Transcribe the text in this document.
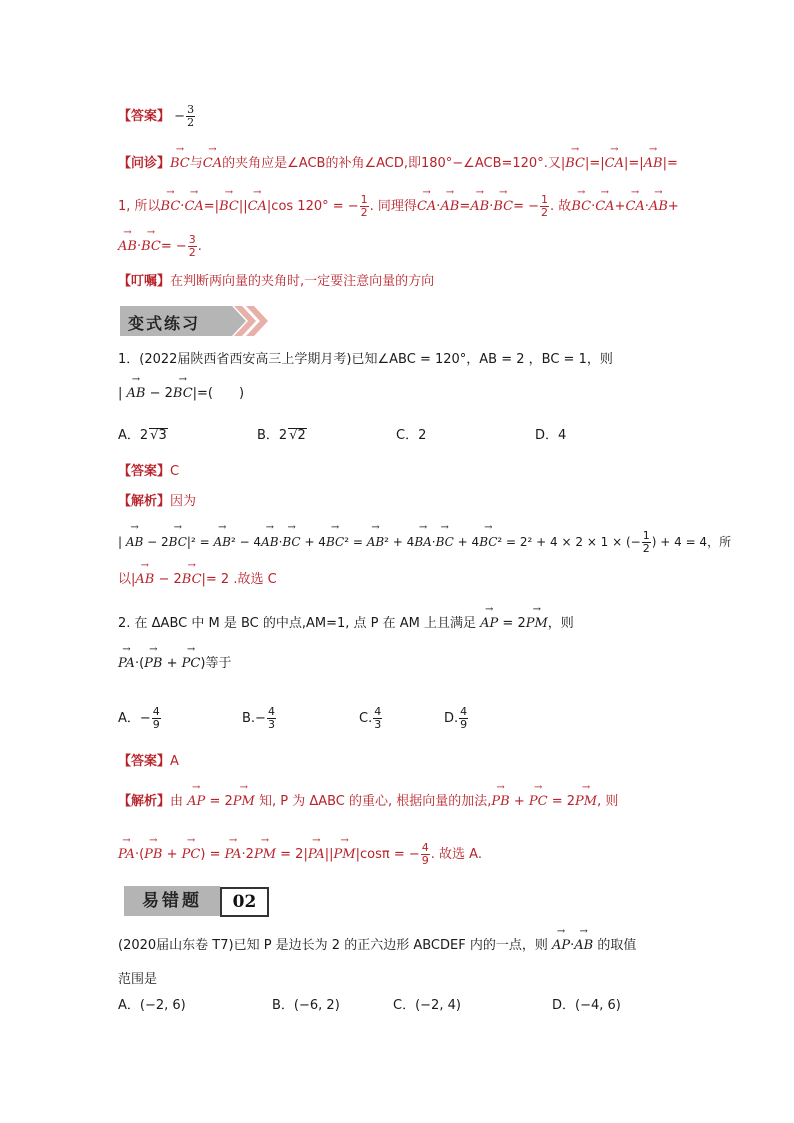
【答案】 − $\frac{3}{2}$
【问诊】→ BC与→ CA的夹角应是∠ACB的补角∠ACD,即180°−∠ACB=120°.又|→ BC|=|→ CA|=|→ AB|=
1, 所以→ BC·→ CA=|→ BC||→ CA|cos 120° = − $\frac{1}{2}$ . 同理得→ $CA\cdot\to AB=\to AB\cdot\to BC= - \frac{1}{2}$ . 故→ BC·→ CA+→ CA·→ AB+
→ $AB\cdot\to BC= - \frac{3}{2}$ .
【叮嘱】在判断两向量的夹角时,一定要注意向量的方向
变式练习
1．(2022届陕西省西安高三上学期月考)已知∠ABC = 120°，AB = 2 ，BC = 1，则
| → AB − 2→ BC|=(　　)
A．2 √3	B．2 √2	C．2	D．4
【答案】C
【解析】因为
| → AB − 2→ BC|² = → AB² − 4→ AB·→ BC + 4→ BC² = → AB² + 4→ BA·→ BC + 4→ BC² = 2² + 4 × 2 × 1 × (− $\frac{1}{2}$ ) + 4 = 4，所
以|→ AB − 2→ BC|= 2 .故选 C
2. 在 ΔABC 中 M 是 BC 的中点,AM=1, 点 P 在 AM 上且满足 → AP = 2→ PM，则
→ PA·(→ PB + → PC)等于
A．− $\frac{4}{9}$	$B.- \frac{4}{3}$	C. $\frac{4}{3}$	D. $\frac{4}{9}$
【答案】A
【解析】由 → AP = 2→ PM 知, P 为 ΔABC 的重心, 根据向量的加法,→ PB + → PC = 2→ PM, 则
→ PA·(→ PB + → PC) = → PA·2→ PM = 2|→ PA||→ PM|cosπ = − $\frac{4}{9}$ . 故选 A.
易错题	02
(2020届山东卷 T7)已知 P 是边长为 2 的正六边形 ABCDEF 内的一点，则 → AP·→ AB 的取值
范围是
A．(−2, 6)	B．(−6, 2)	C．(−2, 4)	D．(−4, 6)
